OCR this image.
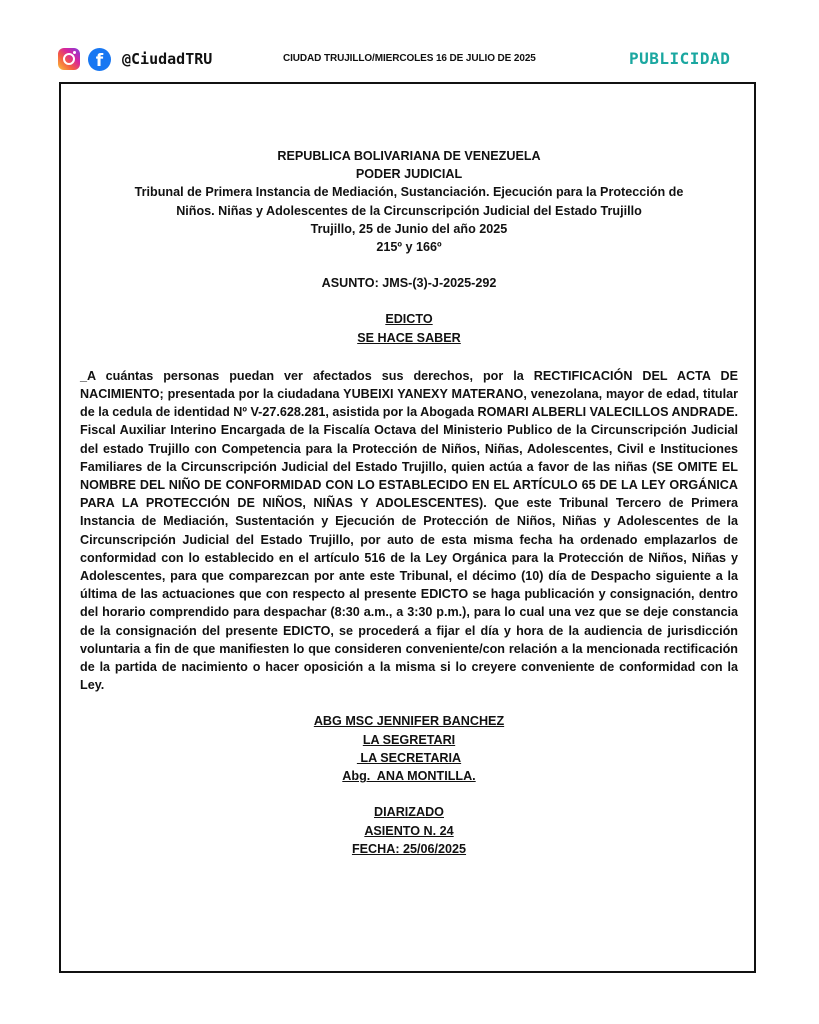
f	@CiudadTRU	CIUDAD TRUJILLO/MIERCOLES 16 DE JULIO DE 2025	PUBLICIDAD
REPUBLICA BOLIVARIANA DE VENEZUELA
PODER JUDICIAL
Tribunal de Primera Instancia de Mediación, Sustanciación. Ejecución para la Protección de
Niños. Niñas y Adolescentes de la Circunscripción Judicial del Estado Trujillo
Trujillo, 25 de Junio del año 2025
215º y 166º
ASUNTO: JMS-(3)-J-2025-292
EDICTO
SE HACE SABER
_A cuántas personas puedan ver afectados sus derechos, por la RECTIFICACIÓN DEL ACTA DE NACIMIENTO; presentada por la ciudadana YUBEIXI YANEXY MATERANO, venezolana, mayor de edad, titular de la cedula de identidad Nº V-27.628.281, asistida por la Abogada ROMARI ALBERLI VALECILLOS ANDRADE. Fiscal Auxiliar Interino Encargada de la Fiscalía Octava del Ministerio Publico de la Circunscripción Judicial del estado Trujillo con Competencia para la Protección de Niños, Niñas, Adolescentes, Civil e Instituciones Familiares de la Circunscripción Judicial del Estado Trujillo, quien actúa a favor de las niñas (SE OMITE EL NOMBRE DEL NIÑO DE CONFORMIDAD CON LO ESTABLECIDO EN EL ARTÍCULO 65 DE LA LEY ORGÁNICA PARA LA PROTECCIÓN DE NIÑOS, NIÑAS Y ADOLESCENTES). Que este Tribunal Tercero de Primera Instancia de Mediación, Sustentación y Ejecución de Protección de Niños, Niñas y Adolescentes de la Circunscripción Judicial del Estado Trujillo, por auto de esta misma fecha ha ordenado emplazarlos de conformidad con lo establecido en el artículo 516 de la Ley Orgánica para la Protección de Niños, Niñas y Adolescentes, para que comparezcan por ante este Tribunal, el décimo (10) día de Despacho siguiente a la última de las actuaciones que con respecto al presente EDICTO se haga publicación y consignación, dentro del horario comprendido para despachar (8:30 a.m., a 3:30 p.m.), para lo cual una vez que se deje constancia de la consignación del presente EDICTO, se procederá a fijar el día y hora de la audiencia de jurisdicción voluntaria a fin de que manifiesten lo que consideren conveniente/con relación a la mencionada rectificación de la partida de nacimiento o hacer oposición a la misma si lo creyere conveniente de conformidad con la Ley.
ABG MSC JENNIFER BANCHEZ
LA SEGRETARI
LA SECRETARIA
Abg.  ANA MONTILLA.
DIARIZADO
ASIENTO N. 24
FECHA: 25/06/2025
